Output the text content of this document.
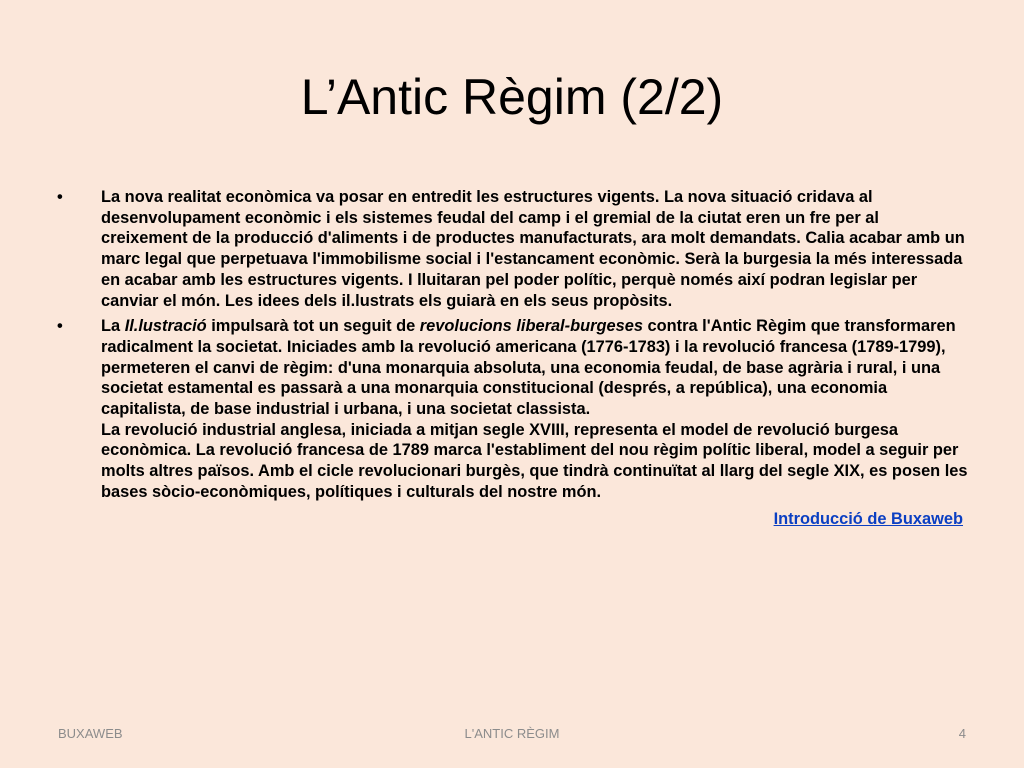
L’Antic Règim (2/2)
•	La nova realitat econòmica va posar en entredit les estructures vigents. La nova situació cridava al desenvolupament econòmic i els sistemes feudal del camp i el gremial de la ciutat eren un fre per al creixement de la producció d'aliments i de productes manufacturats, ara molt demandats. Calia acabar amb un marc legal que perpetuava l'immobilisme social i l'estancament econòmic. Serà la burgesia la més interessada en acabar amb les estructures vigents. I lluitaran pel poder polític, perquè només així podran legislar per canviar el món. Les idees dels il.lustrats els guiarà en els seus propòsits.
•	La Il.lustració impulsarà tot un seguit de revolucions liberal-burgeses contra l'Antic Règim que transformaren radicalment la societat. Iniciades amb la revolució americana (1776-1783) i la revolució francesa (1789-1799), permeteren el canvi de règim: d'una monarquia absoluta, una economia feudal, de base agrària i rural, i una societat estamental es passarà a una monarquia constitucional (després, a república), una economia capitalista, de base industrial i urbana, i una societat classista.
La revolució industrial anglesa, iniciada a mitjan segle XVIII, representa el model de revolució burgesa econòmica. La revolució francesa de 1789 marca l'establiment del nou règim polític liberal, model a seguir per molts altres països. Amb el cicle revolucionari burgès, que tindrà continuïtat al llarg del segle XIX, es posen les bases sòcio-econòmiques, polítiques i culturals del nostre món.
Introducció de Buxaweb
BUXAWEB	L'ANTIC RÈGIM	4
